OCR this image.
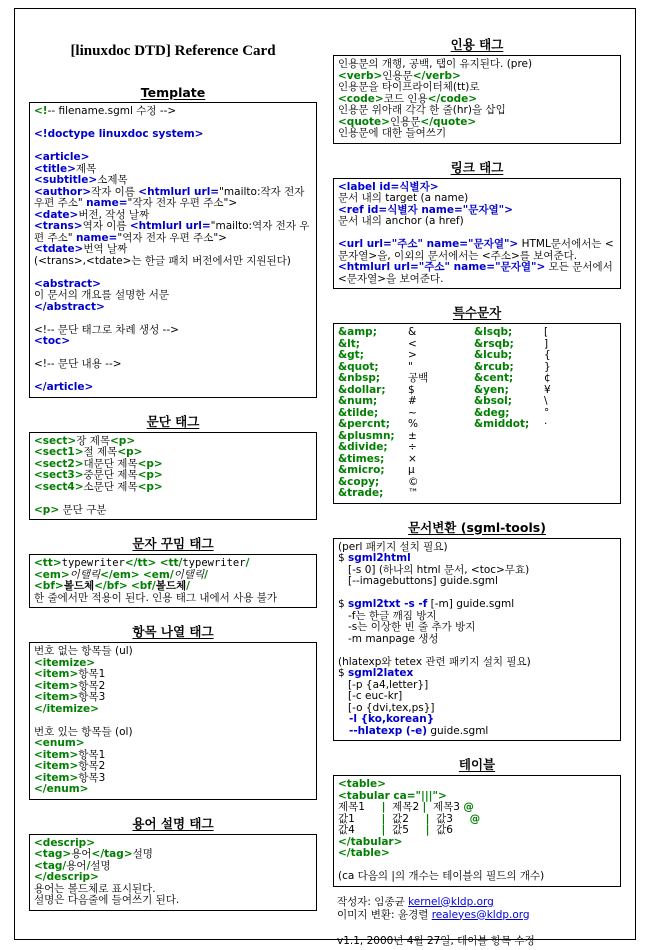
[linuxdoc DTD] Reference Card
Template
<!-- filename.sgml 수정 -->

<!doctype linuxdoc system>

<article>
<title>제목
<subtitle>소제목
<author>작자 이름 <htmlurl url="mailto:작자 전자 우편 주소" name="작자 전자 우편 주소">
<date>버전, 작성 날짜
<trans>역자 이름 <htmlurl url="mailto:역자 전자 우편 주소" name="역자 전자 우편 주소">
<tdate>번역 날짜
(<trans>,<tdate>는 한글 패치 버전에서만 지원된다)

<abstract>
이 문서의 개요를 설명한 서문
</abstract>

<!-- 문단 태그로 차례 생성 -->
<toc>

<!-- 문단 내용 -->

</article>
문단 태그
<sect>장 제목<p>
<sect1>절 제목<p>
<sect2>대문단 제목<p>
<sect3>중문단 제목<p>
<sect4>소문단 제목<p>

<p> 문단 구분
문자 꾸밈 태그
<tt>typewriter</tt> <tt/typewriter/
<em>이탤릭</em> <em/이탤릭/
<bf>볼드체</bf> <bf/볼드체/
한 줄에서만 적용이 된다. 인용 태그 내에서 사용 불가
항목 나열 태그
번호 없는 항목들 (ul)
<itemize>
<item>항목1
<item>항목2
<item>항목3
</itemize>

번호 있는 항목들 (ol)
<enum>
<item>항목1
<item>항목2
<item>항목3
</enum>
용어 설명 태그
<descrip>
<tag>용어</tag>설명
<tag/용어/설명
</descrip>
용어는 볼드체로 표시된다.
설명은 다음줄에 들여쓰기 된다.
인용 태그
인용문의 개행, 공백, 탭이 유지된다. (pre)
<verb>인용문</verb>
인용문을 타이프라이터체(tt)로
<code>코드 인용</code>
인용문 위아래 각각 한 줄(hr)을 삽입
<quote>인용문</quote>
인용문에 대한 들여쓰기
링크 태그
<label id=식별자>
문서 내의 target (a name)
<ref id=식별자 name="문자열">
문서 내의 anchor (a href)

<url url="주소" name="문자열"> HTML문서에서는 <문자열>을, 이외의 문서에서는 <주소>를 보여준다.
<htmlurl url="주소" name="문자열"> 모든 문서에서 <문자열>을 보여준다.
특수문자
&amp;	&	&lsqb;	[
&lt;	<	&rsqb;	]
&gt;	>	&lcub;	{
&quot;	"	&rcub;	}
&nbsp;	공백	&cent;	¢
&dollar; $	&yen;	¥
&num;	#	&bsol;	\
&tilde;	~	&deg;	°
&percnt; %	&middot; ·
&plusmn; ±
&divide; ÷
&times; ×
&micro; µ
&copy;	©
&trade; ™
문서변환 (sgml-tools)
(perl 패키지 설치 필요)
$ sgml2html
[-s 0] (하나의 html 문서, <toc>무효)
[--imagebuttons] guide.sgml

$ sgml2txt -s -f [-m] guide.sgml
-f는 한글 깨짐 방지
-s는 이상한 빈 줄 추가 방지
-m manpage 생성

(hlatexp와 tetex 관련 패키지 설치 필요)
$ sgml2latex
[-p {a4,letter}]
[-c euc-kr]
[-o {dvi,tex,ps}]
-l {ko,korean}
--hlatexp (-e) guide.sgml
테이블
<table>
<tabular ca="|||">
제목1     |  제목2 |  제목3 @
값1        |  값2     |  값3     @
값4        |  값5     |  값6
</tabular>
</table>

(ca 다음의 |의 개수는 테이블의 필드의 개수)
작성자: 임종균 kernel@kldp.org
이미지 변환: 윤경렬 realeyes@kldp.org

v1.1, 2000년 4월 27일, 테이블 항목 수정
